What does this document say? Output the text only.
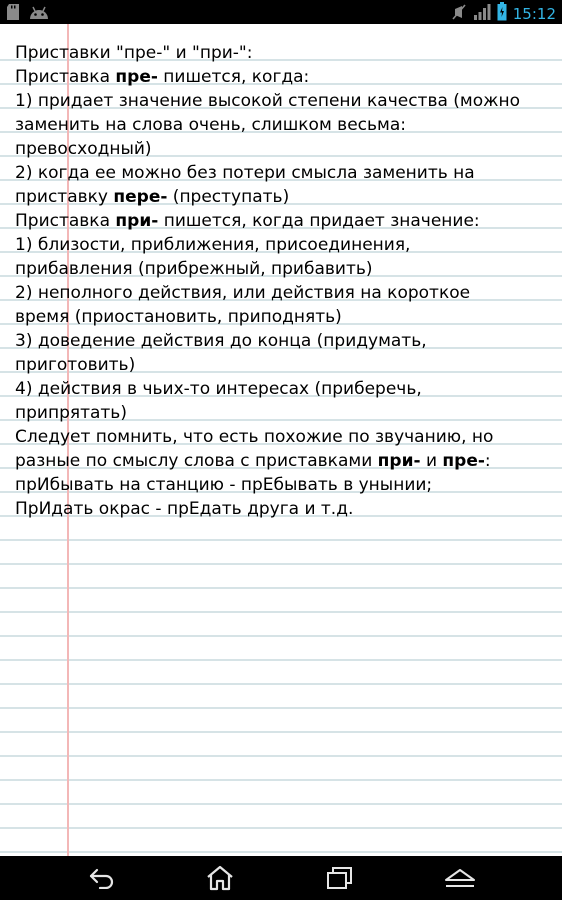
15:12
Приставки "пре-" и "при-":
Приставка пре- пишется, когда:
1) придает значение высокой степени качества (можно
заменить на слова очень, слишком весьма:
превосходный)
2) когда ее можно без потери смысла заменить на
приставку пере- (преступать)
Приставка при- пишется, когда придает значение:
1) близости, приближения, присоединения,
прибавления (прибрежный, прибавить)
2) неполного действия, или действия на короткое
время (приостановить, приподнять)
3) доведение действия до конца (придумать,
приготовить)
4) действия в чьих-то интересах (приберечь,
припрятать)
Следует помнить, что есть похожие по звучанию, но
разные по смыслу слова с приставками при- и пре-:
прИбывать на станцию - прЕбывать в унынии;
ПрИдать окрас - прЕдать друга и т.д.
